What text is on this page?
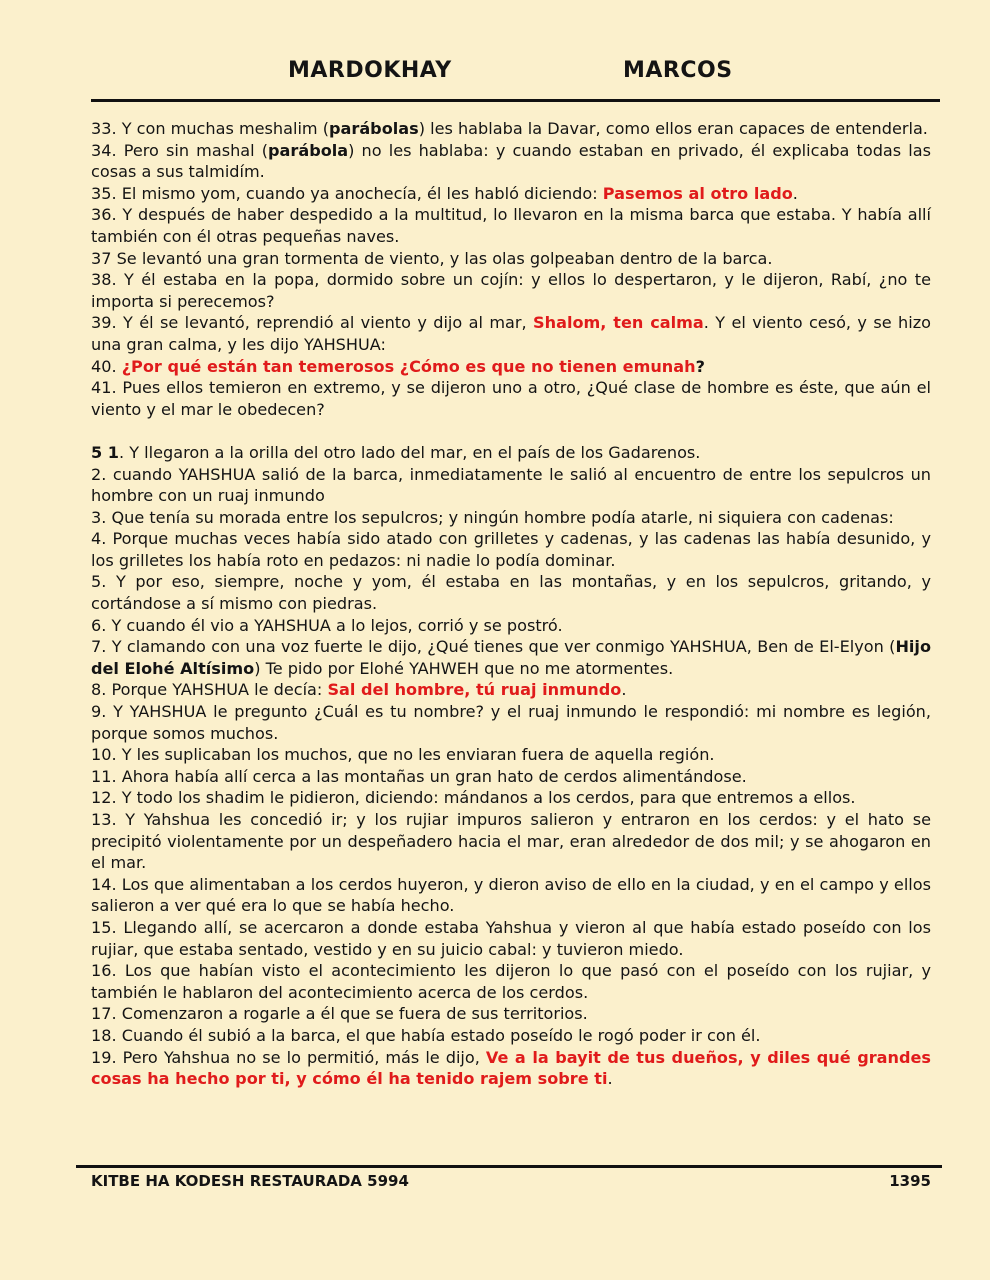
MARDOKHAY	MARCOS

33. Y con muchas meshalim (parábolas) les hablaba la Davar, como ellos eran capaces de entenderla.

34. Pero sin mashal (parábola) no les hablaba: y cuando estaban en privado, él explicaba todas las cosas a sus talmidím.

35. El mismo yom, cuando ya anochecía, él les habló diciendo: Pasemos al otro lado.

36. Y después de haber despedido a la multitud, lo llevaron en la misma barca que estaba. Y había allí también con él otras pequeñas naves.

37 Se levantó una gran tormenta de viento, y las olas golpeaban dentro de la barca.

38. Y él estaba en la popa, dormido sobre un cojín: y ellos lo despertaron, y le dijeron, Rabí, ¿no te importa si perecemos?

39. Y él se levantó, reprendió al viento y dijo al mar, Shalom, ten calma. Y el viento cesó, y se hizo una gran calma, y les dijo YAHSHUA:

40. ¿Por qué están tan temerosos ¿Cómo es que no tienen emunah?

41. Pues ellos temieron en extremo, y se dijeron uno a otro, ¿Qué clase de hombre es éste, que aún el viento y el mar le obedecen?

5 1. Y llegaron a la orilla del otro lado del mar, en el país de los Gadarenos.

2. cuando YAHSHUA salió de la barca, inmediatamente le salió al encuentro de entre los sepulcros un hombre con un ruaj inmundo

3. Que tenía su morada entre los sepulcros; y ningún hombre podía atarle, ni siquiera con cadenas:

4. Porque muchas veces había sido atado con grilletes y cadenas, y las cadenas las había desunido, y los grilletes los había roto en pedazos: ni nadie lo podía dominar.

5. Y por eso, siempre, noche y yom, él estaba en las montañas, y en los sepulcros, gritando, y cortándose a sí mismo con piedras.

6. Y cuando él vio a YAHSHUA a lo lejos, corrió y se postró.

7. Y clamando con una voz fuerte le dijo, ¿Qué tienes que ver conmigo YAHSHUA, Ben de El-Elyon (Hijo del Elohé Altísimo) Te pido por Elohé YAHWEH que no me atormentes.

8. Porque YAHSHUA le decía: Sal del hombre, tú ruaj inmundo.

9. Y YAHSHUA le pregunto ¿Cuál es tu nombre? y el ruaj inmundo le respondió: mi nombre es legión, porque somos muchos.

10. Y les suplicaban los muchos, que no les enviaran fuera de aquella región.

11. Ahora había allí cerca a las montañas un gran hato de cerdos alimentándose.

12. Y todo los shadim le pidieron, diciendo: mándanos a los cerdos, para que entremos a ellos.

13. Y Yahshua les concedió ir; y los rujiar impuros salieron y entraron en los cerdos: y el hato se precipitó violentamente por un despeñadero hacia el mar, eran alrededor de dos mil; y se ahogaron en el mar.

14. Los que alimentaban a los cerdos huyeron, y dieron aviso de ello en la ciudad, y en el campo y ellos salieron a ver qué era lo que se había hecho.

15. Llegando allí, se acercaron a donde estaba Yahshua y vieron al que había estado poseído con los rujiar, que estaba sentado, vestido y en su juicio cabal: y tuvieron miedo.

16. Los que habían visto el acontecimiento les dijeron lo que pasó con el poseído con los rujiar, y también le hablaron del acontecimiento acerca de los cerdos.

17. Comenzaron a rogarle a él que se fuera de sus territorios.

18. Cuando él subió a la barca, el que había estado poseído le rogó poder ir con él.

19. Pero Yahshua no se lo permitió, más le dijo, Ve a la bayit de tus dueños, y diles qué grandes cosas ha hecho por ti, y cómo él ha tenido rajem sobre ti.

KITBE HA KODESH RESTAURADA 5994	1395
